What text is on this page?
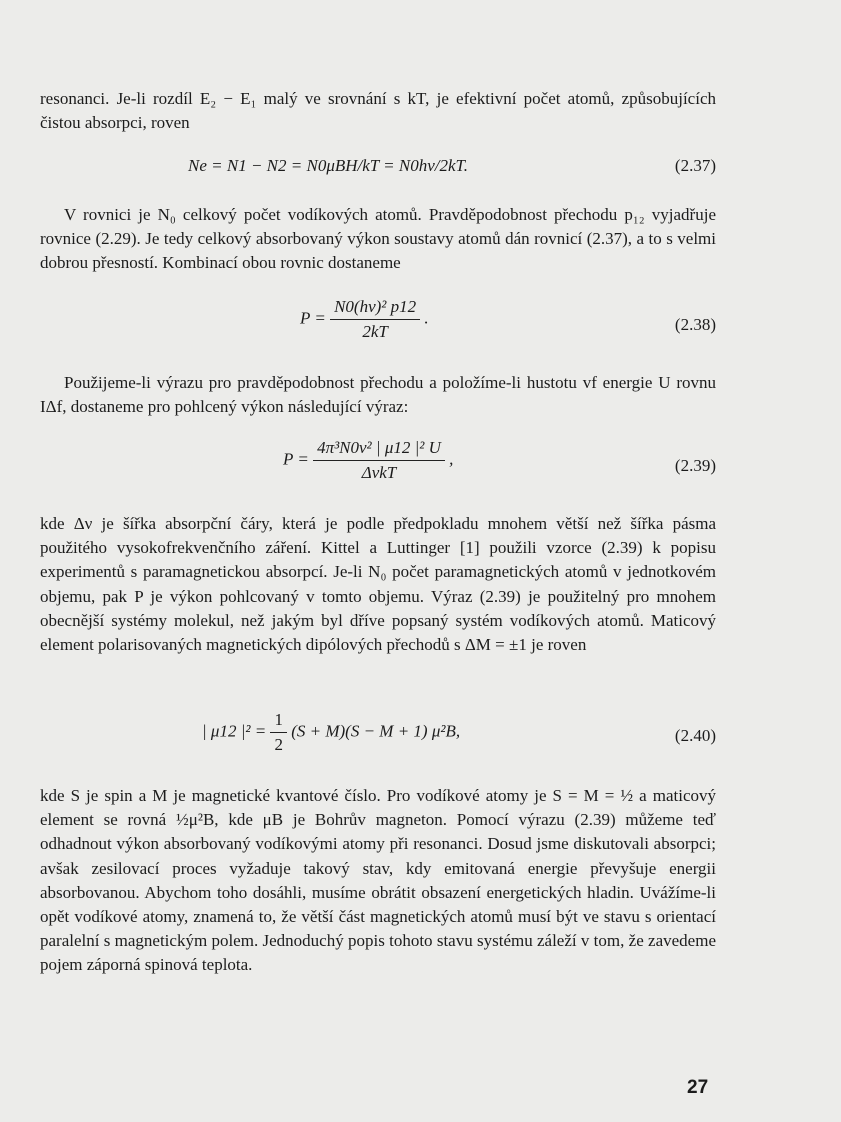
resonanci. Je-li rozdíl E₂ − E₁ malý ve srovnání s kT, je efektivní počet atomů, způsobujících čistou absorpci, roven
Ne = N1 − N2 = N0μBH/kT = N0hν/2kT.	(2.37)
V rovnici je N₀ celkový počet vodíkových atomů. Pravděpodobnost přechodu p₁₂ vyjadřuje rovnice (2.29). Je tedy celkový absorbovaný výkon soustavy atomů dán rovnicí (2.37), a to s velmi dobrou přesností. Kombinací obou rovnic dostaneme
$P = \frac{\text{N0(hν)² p12}}{2kT}$ .	(2.38)
Použijeme-li výrazu pro pravděpodobnost přechodu a položíme-li hustotu vf energie U rovnu IΔf, dostaneme pro pohlcený výkon následující výraz:
$P = \frac{\text{4π³N0ν² | μ12 |² U}}{\text{ΔνkT}}$ ,	(2.39)
kde Δν je šířka absorpční čáry, která je podle předpokladu mnohem větší než šířka pásma použitého vysokofrekvenčního záření. Kittel a Luttinger [1] použili vzorce (2.39) k popisu experimentů s paramagnetickou absorpcí. Je-li N₀ počet paramagnetických atomů v jednotkovém objemu, pak P je výkon pohlcovaný v tomto objemu. Výraz (2.39) je použitelný pro mnohem obecnější systémy molekul, než jakým byl dříve popsaný systém vodíkových atomů. Maticový element polarisovaných magnetických dipólových přechodů s ΔM = ±1 je roven
| μ12 $|^2 = \frac{1}{2} (S + M)(S - M + 1)$ μ²B,	(2.40)
kde S je spin a M je magnetické kvantové číslo. Pro vodíkové atomy je S = M = ½ a maticový element se rovná ½μ²B, kde μB je Bohrův magneton. Pomocí výrazu (2.39) můžeme teď odhadnout výkon absorbovaný vodíkovými atomy při resonanci. Dosud jsme diskutovali absorpci; avšak zesilovací proces vyžaduje takový stav, kdy emitovaná energie převyšuje energii absorbovanou. Abychom toho dosáhli, musíme obrátit obsazení energetických hladin. Uvážíme-li opět vodíkové atomy, znamená to, že větší část magnetických atomů musí být ve stavu s orientací paralelní s magnetickým polem. Jednoduchý popis tohoto stavu systému záleží v tom, že zavedeme pojem záporná spinová teplota.
27
